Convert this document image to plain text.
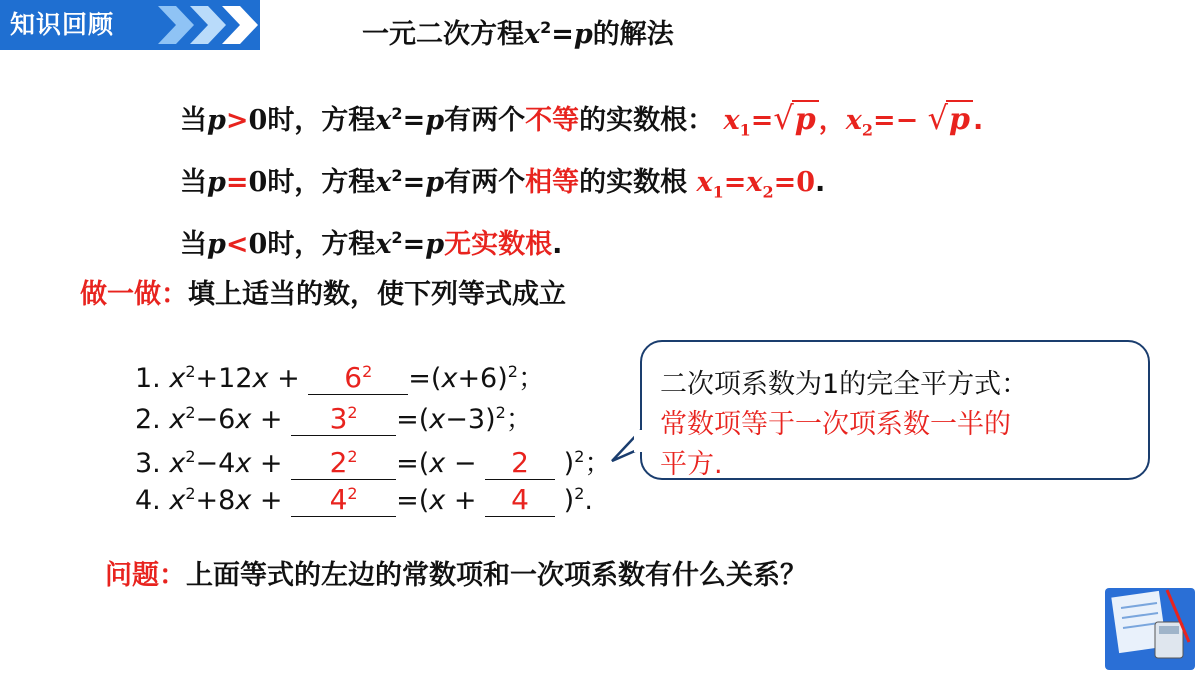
知识回顾	一元二次方程$x^2=p$的解法
当p>0时，方程$x^2=p$有两个不等的实数根： $x_1=√p$ ，$x_2=- √p$ .
当p=0时，方程$x^2=p$有两个相等的实数根 $x_1=x_2=0$.
当p<0时，方程$x^2=p$无实数根.
做一做：填上适当的数，使下列等式成立
1. $x^2+12x + 6^2 =(x+6)^2$；
2. $x^2-6x + 3^2 =(x-3)^2$；
3. $x^2-4x + 2^2 =(x - 2$ )$^2$；
4. $x^2+8x + 4^2 =(x + 4$ )$^2$.
二次项系数为1的完全平方式：
常数项等于一次项系数一半的
平方.
问题：上面等式的左边的常数项和一次项系数有什么关系？
